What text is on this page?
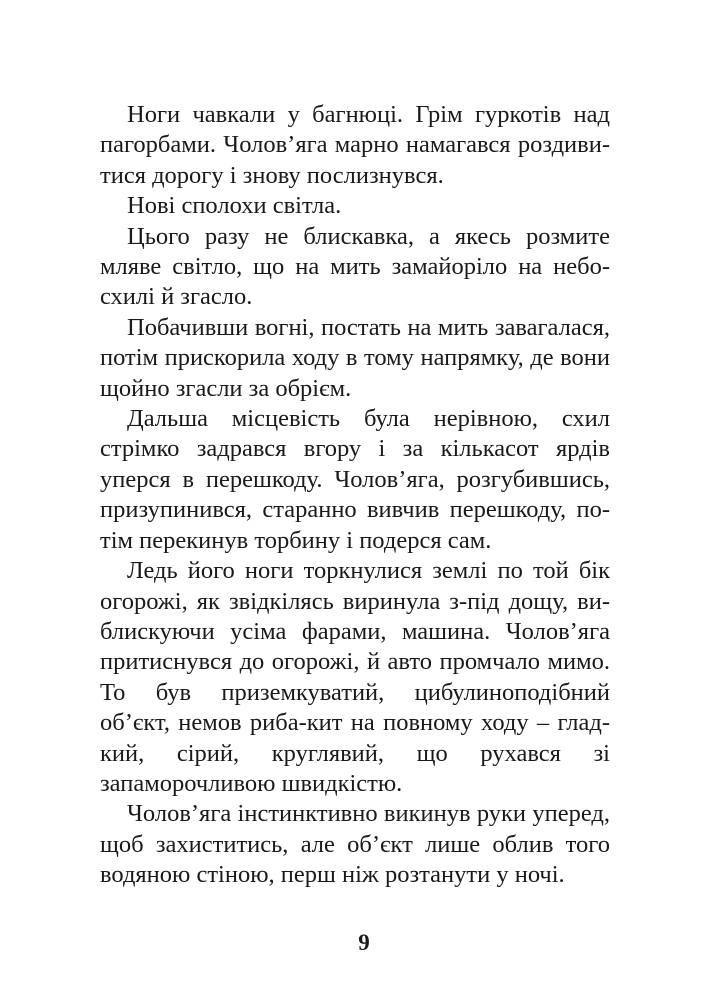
Ноги чавкали у багнюці. Грім гуркотів над пагорбами. Чолов’яга марно намагався роздивитися дорогу і знову послизнувся.

Нові сполохи світла.

Цього разу не блискавка, а якесь розмите мляве світло, що на мить замайоріло на небосхилі й згасло.

Побачивши вогні, постать на мить завагалася, потім прискорила ходу в тому напрямку, де вони щойно згасли за обрієм.

Дальша місцевість була нерівною, схил стрімко задрався вгору і за кількасот ярдів уперся в перешкоду. Чолов’яга, розгубившись, призупинився, старанно вивчив перешкоду, потім перекинув торбину і подерся сам.

Ледь його ноги торкнулися землі по той бік огорожі, як звідкілясь виринула з-під дощу, виблискуючи усіма фарами, машина. Чолов’яга притиснувся до огорожі, й авто промчало мимо. То був приземкуватий, цибулиноподібний об’єкт, немов риба-кит на повному ходу – гладкий, сірий, круглявий, що рухався зі запаморочливою швидкістю.

Чолов’яга інстинктивно викинув руки уперед, щоб захиститись, але об’єкт лише облив того водяною стіною, перш ніж розтанути у ночі.

9
